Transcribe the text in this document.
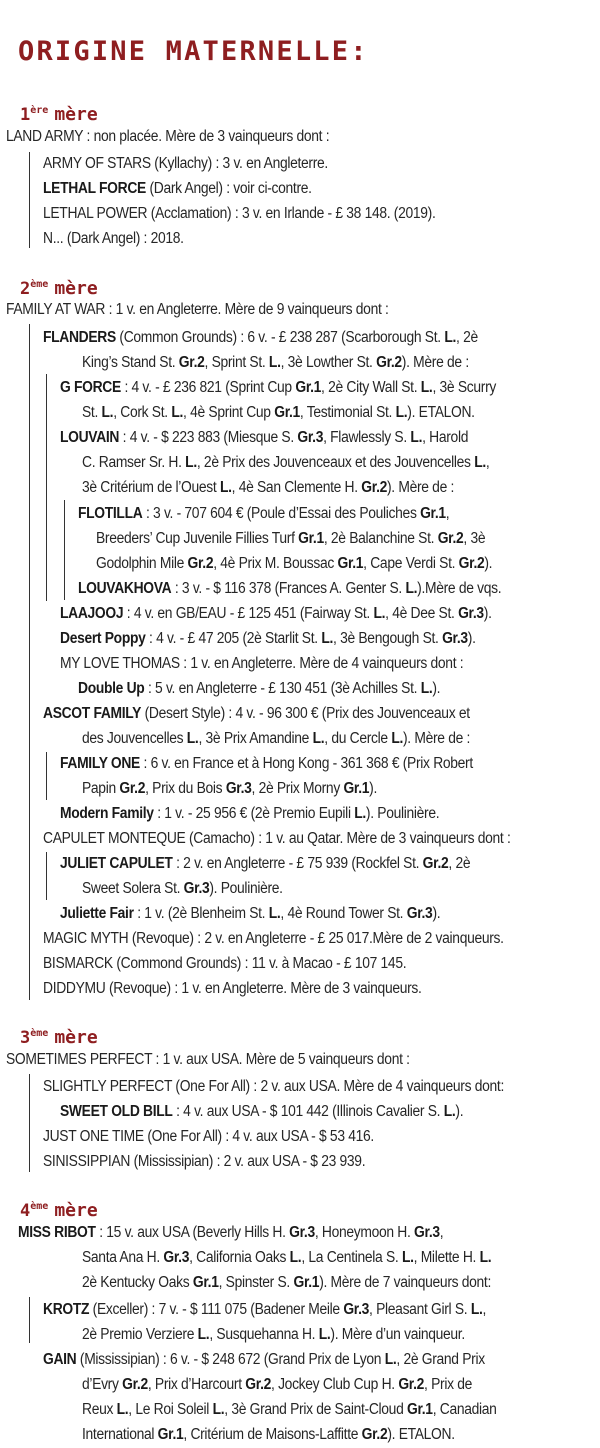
ORIGINE MATERNELLE:
1ère mère
2ème mère
3ème mère
4ème mère
LAND ARMY : non placée. Mère de 3 vainqueurs dont :
ARMY OF STARS (Kyllachy) : 3 v. en Angleterre.
LETHAL FORCE (Dark Angel) : voir ci-contre.
LETHAL POWER (Acclamation) : 3 v. en Irlande - £ 38 148. (2019).
N... (Dark Angel) : 2018.
FAMILY AT WAR : 1 v. en Angleterre. Mère de 9 vainqueurs dont :
FLANDERS (Common Grounds) : 6 v. - £ 238 287 (Scarborough St. L., 2è
King’s Stand St. Gr.2, Sprint St. L., 3è Lowther St. Gr.2). Mère de :
G FORCE : 4 v. - £ 236 821 (Sprint Cup Gr.1, 2è City Wall St. L., 3è Scurry
St. L., Cork St. L., 4è Sprint Cup Gr.1, Testimonial St. L.). ETALON.
LOUVAIN : 4 v. - $ 223 883 (Miesque S. Gr.3, Flawlessly S. L., Harold
C. Ramser Sr. H. L., 2è Prix des Jouvenceaux et des Jouvencelles L.,
3è Critérium de l’Ouest L., 4è San Clemente H. Gr.2). Mère de :
FLOTILLA : 3 v. - 707 604 € (Poule d’Essai des Pouliches Gr.1,
Breeders’ Cup Juvenile Fillies Turf Gr.1, 2è Balanchine St. Gr.2, 3è
Godolphin Mile Gr.2, 4è Prix M. Boussac Gr.1, Cape Verdi St. Gr.2).
LOUVAKHOVA : 3 v. - $ 116 378 (Frances A. Genter S. L.).Mère de vqs.
LAAJOOJ : 4 v. en GB/EAU - £ 125 451 (Fairway St. L., 4è Dee St. Gr.3).
Desert Poppy : 4 v. - £ 47 205 (2è Starlit St. L., 3è Bengough St. Gr.3).
MY LOVE THOMAS : 1 v. en Angleterre. Mère de 4 vainqueurs dont :
Double Up : 5 v. en Angleterre - £ 130 451 (3è Achilles St. L.).
ASCOT FAMILY (Desert Style) : 4 v. - 96 300 € (Prix des Jouvenceaux et
des Jouvencelles L., 3è Prix Amandine L., du Cercle L.). Mère de :
FAMILY ONE : 6 v. en France et à Hong Kong - 361 368 € (Prix Robert
Papin Gr.2, Prix du Bois Gr.3, 2è Prix Morny Gr.1).
Modern Family : 1 v. - 25 956 € (2è Premio Eupili L.). Poulinière.
CAPULET MONTEQUE (Camacho) : 1 v. au Qatar. Mère de 3 vainqueurs dont :
JULIET CAPULET : 2 v. en Angleterre - £ 75 939 (Rockfel St. Gr.2, 2è
Sweet Solera St. Gr.3). Poulinière.
Juliette Fair : 1 v. (2è Blenheim St. L., 4è Round Tower St. Gr.3).
MAGIC MYTH (Revoque) : 2 v. en Angleterre - £ 25 017.Mère de 2 vainqueurs.
BISMARCK (Commond Grounds) : 11 v. à Macao - £ 107 145.
DIDDYMU (Revoque) : 1 v. en Angleterre. Mère de 3 vainqueurs.
SOMETIMES PERFECT : 1 v. aux USA. Mère de 5 vainqueurs dont :
SLIGHTLY PERFECT (One For All) : 2 v. aux USA. Mère de 4 vainqueurs dont:
SWEET OLD BILL : 4 v. aux USA - $ 101 442 (Illinois Cavalier S. L.).
JUST ONE TIME (One For All) : 4 v. aux USA - $ 53 416.
SINISSIPPIAN (Mississipian) : 2 v. aux USA - $ 23 939.
MISS RIBOT : 15 v. aux USA (Beverly Hills H. Gr.3, Honeymoon H. Gr.3,
Santa Ana H. Gr.3, California Oaks L., La Centinela S. L., Milette H. L.
2è Kentucky Oaks Gr.1, Spinster S. Gr.1). Mère de 7 vainqueurs dont:
KROTZ (Exceller) : 7 v. - $ 111 075 (Badener Meile Gr.3, Pleasant Girl S. L.,
2è Premio Verziere L., Susquehanna H. L.). Mère d’un vainqueur.
GAIN (Mississipian) : 6 v. - $ 248 672 (Grand Prix de Lyon L., 2è Grand Prix
d’Evry Gr.2, Prix d’Harcourt Gr.2, Jockey Club Cup H. Gr.2, Prix de
Reux L., Le Roi Soleil L., 3è Grand Prix de Saint-Cloud Gr.1, Canadian
International Gr.1, Critérium de Maisons-Laffitte Gr.2). ETALON.
